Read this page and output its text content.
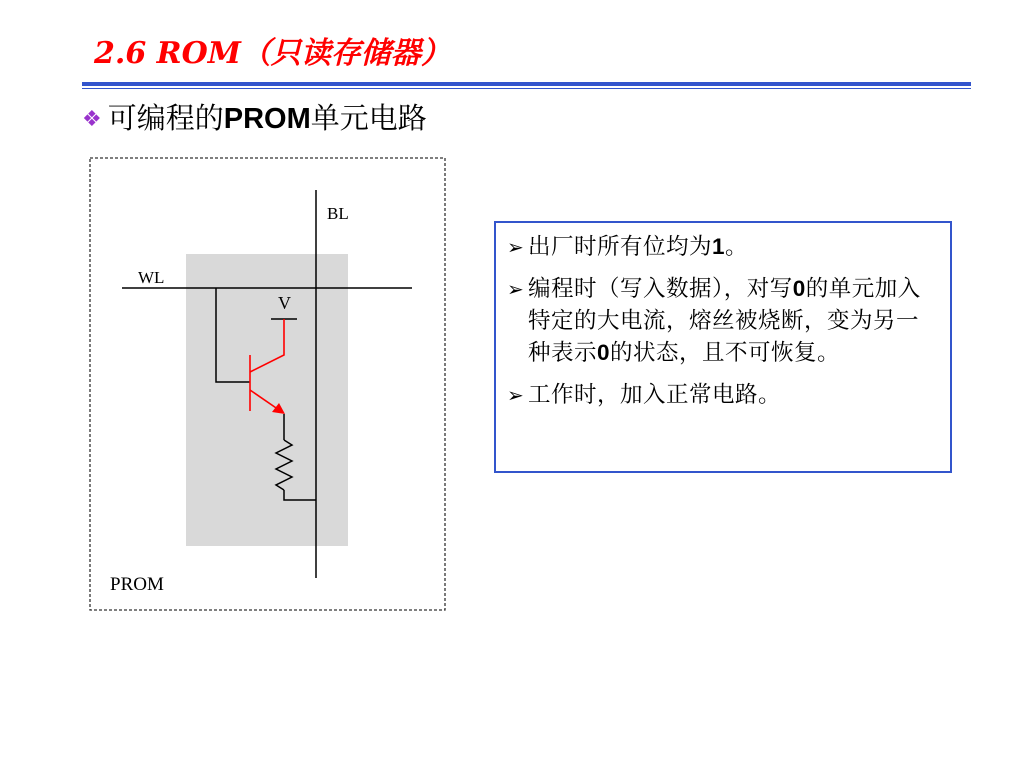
2.6 ROM（只读存储器）
❖ 可编程的PROM单元电路
BL
WL
V
PROM
➢ 出厂时所有位均为1。
➢ 编程时（写入数据），对写0的单元加入特定的大电流，熔丝被烧断，变为另一种表示0的状态，且不可恢复。
➢ 工作时，加入正常电路。
